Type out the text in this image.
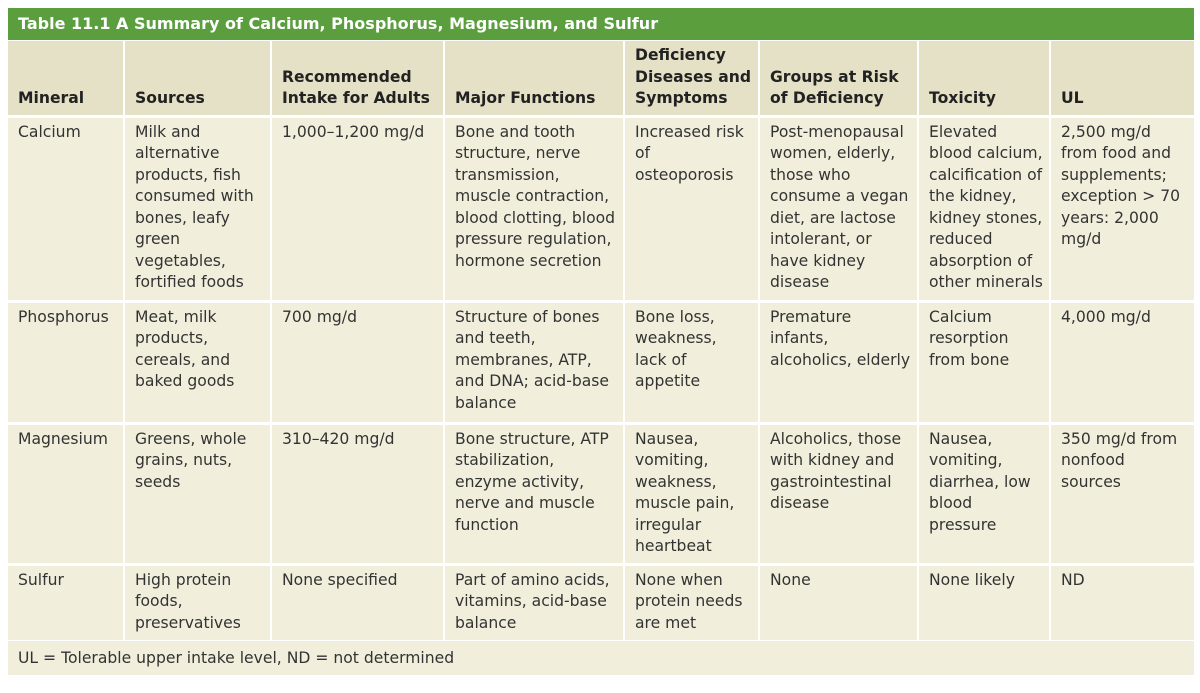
Table 11.1 A Summary of Calcium, Phosphorus, Magnesium, and Sulfur
Mineral	Sources	Recommended Intake for Adults	Major Functions	Deficiency Diseases and Symptoms	Groups at Risk of Deficiency	Toxicity	UL
Calcium	Milk and alternative products, fish consumed with bones, leafy green vegetables, fortified foods	1,000–1,200 mg/d	Bone and tooth structure, nerve transmission, muscle contraction, blood clotting, blood pressure regulation, hormone secretion	Increased risk of osteoporosis	Post-menopausal women, elderly, those who consume a vegan diet, are lactose intolerant, or have kidney disease	Elevated blood calcium, calcification of the kidney, kidney stones, reduced absorption of other minerals	2,500 mg/d from food and supplements; exception > 70 years: 2,000 mg/d
Phosphorus	Meat, milk products, cereals, and baked goods	700 mg/d	Structure of bones and teeth, membranes, ATP, and DNA; acid-base balance	Bone loss, weakness, lack of appetite	Premature infants, alcoholics, elderly	Calcium resorption from bone	4,000 mg/d
Magnesium	Greens, whole grains, nuts, seeds	310–420 mg/d	Bone structure, ATP stabilization, enzyme activity, nerve and muscle function	Nausea, vomiting, weakness, muscle pain, irregular heartbeat	Alcoholics, those with kidney and gastrointestinal disease	Nausea, vomiting, diarrhea, low blood pressure	350 mg/d from nonfood sources
Sulfur	High protein foods, preservatives	None specified	Part of amino acids, vitamins, acid-base balance	None when protein needs are met	None	None likely	ND
UL = Tolerable upper intake level, ND = not determined
